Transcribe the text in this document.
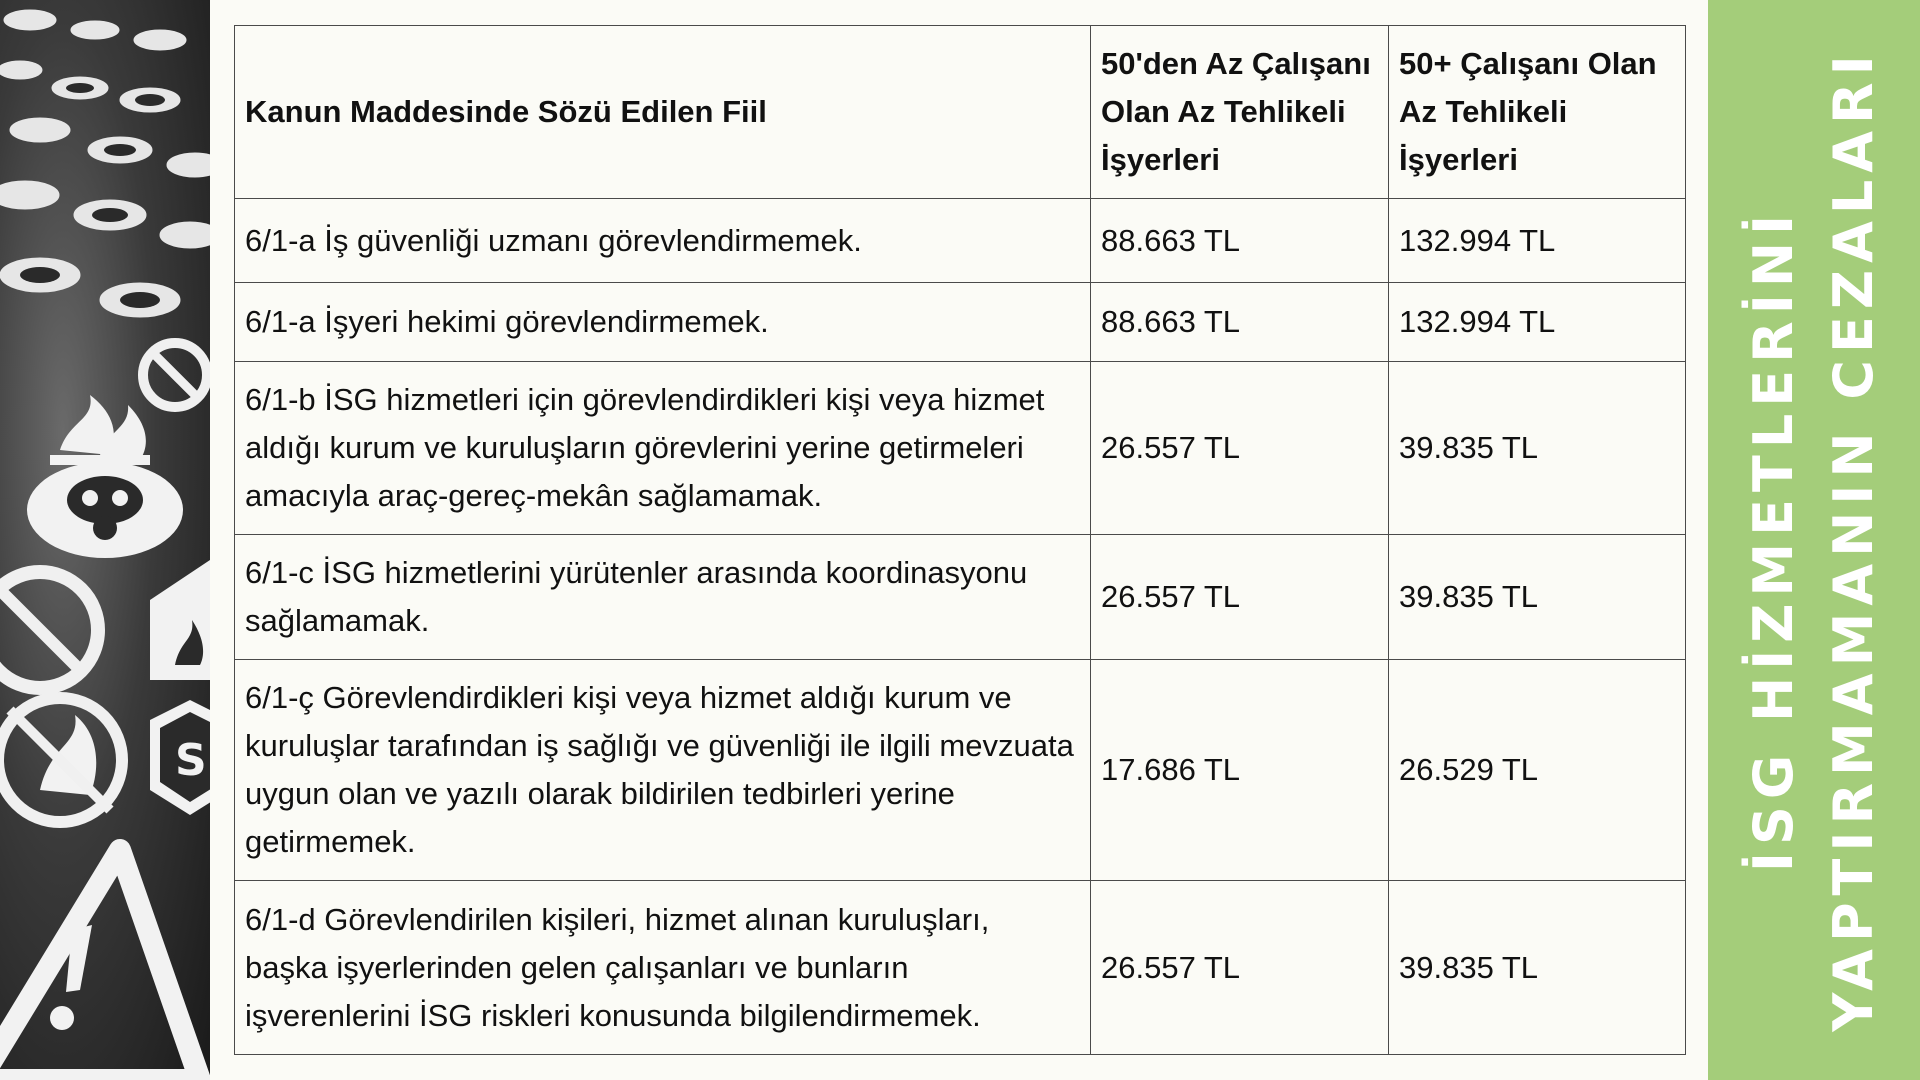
S
Kanun Maddesinde Sözü Edilen Fiil	50'den Az Çalışanı Olan Az Tehlikeli İşyerleri	50+ Çalışanı Olan Az Tehlikeli İşyerleri
6/1-a İş güvenliği uzmanı görevlendirmemek.	88.663 TL	132.994 TL
6/1-a İşyeri hekimi görevlendirmemek.	88.663 TL	132.994 TL
6/1-b İSG hizmetleri için görevlendirdikleri kişi veya hizmet aldığı kurum ve kuruluşların görevlerini yerine getirmeleri amacıyla araç-gereç-mekân sağlamamak.	26.557 TL	39.835 TL
6/1-c İSG hizmetlerini yürütenler arasında koordinasyonu sağlamamak.	26.557 TL	39.835 TL
6/1-ç Görevlendirdikleri kişi veya hizmet aldığı kurum ve kuruluşlar tarafından iş sağlığı ve güvenliği ile ilgili mevzuata uygun olan ve yazılı olarak bildirilen tedbirleri yerine getirmemek.	17.686 TL	26.529 TL
6/1-d Görevlendirilen kişileri, hizmet alınan kuruluşları, başka işyerlerinden gelen çalışanları ve bunların işverenlerini İSG riskleri konusunda bilgilendirmemek.	26.557 TL	39.835 TL
İSG HİZMETLERİNİ YAPTIRMAMANIN CEZALARI
